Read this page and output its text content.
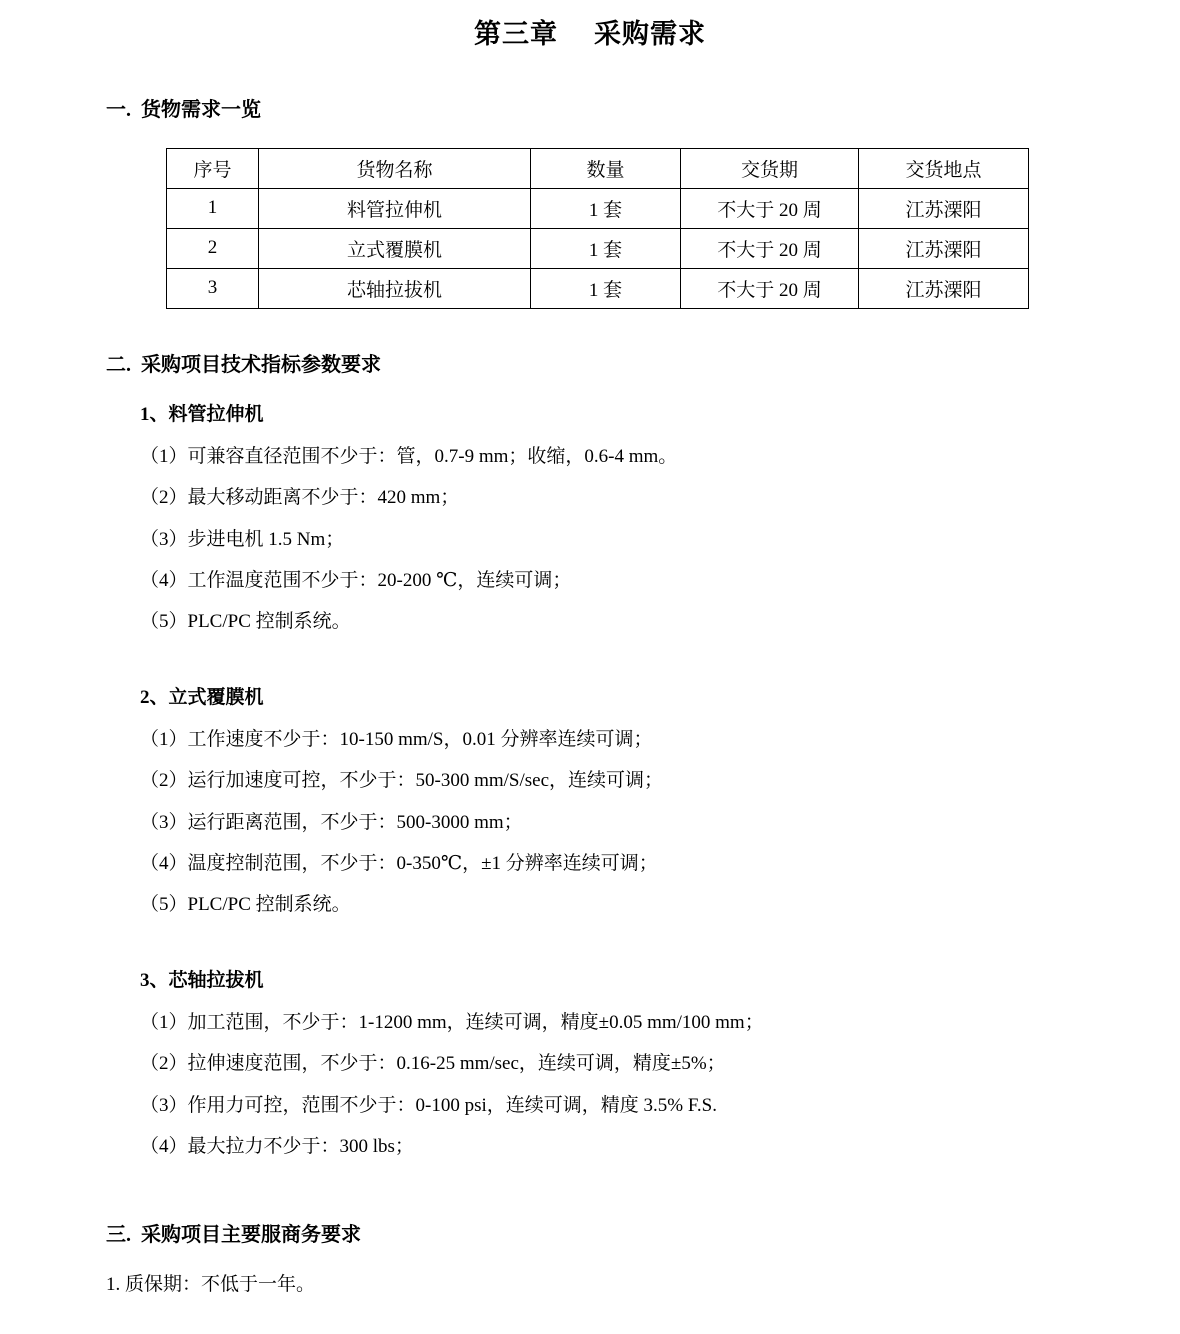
第三章 采购需求
一. 货物需求一览
序号	货物名称	数量	交货期	交货地点
1	料管拉伸机	1 套	不大于 20 周	江苏溧阳
2	立式覆膜机	1 套	不大于 20 周	江苏溧阳
3	芯轴拉拔机	1 套	不大于 20 周	江苏溧阳
二. 采购项目技术指标参数要求
1、料管拉伸机
（1）可兼容直径范围不少于：管，0.7-9 mm；收缩，0.6-4 mm。
（2）最大移动距离不少于：420 mm；
（3）步进电机 1.5 Nm；
（4）工作温度范围不少于：20-200 ℃，连续可调；
（5）PLC/PC 控制系统。
2、立式覆膜机
（1）工作速度不少于：10-150 mm/S，0.01 分辨率连续可调；
（2）运行加速度可控，不少于：50-300 mm/S/sec，连续可调；
（3）运行距离范围，不少于：500-3000 mm；
（4）温度控制范围，不少于：0-350℃，±1 分辨率连续可调；
（5）PLC/PC 控制系统。
3、芯轴拉拔机
（1）加工范围，不少于：1-1200 mm，连续可调，精度±0.05 mm/100 mm；
（2）拉伸速度范围，不少于：0.16-25 mm/sec，连续可调，精度±5%；
（3）作用力可控，范围不少于：0-100 psi，连续可调，精度 3.5% F.S.
（4）最大拉力不少于：300 lbs；
三. 采购项目主要服商务要求
1. 质保期：不低于一年。
